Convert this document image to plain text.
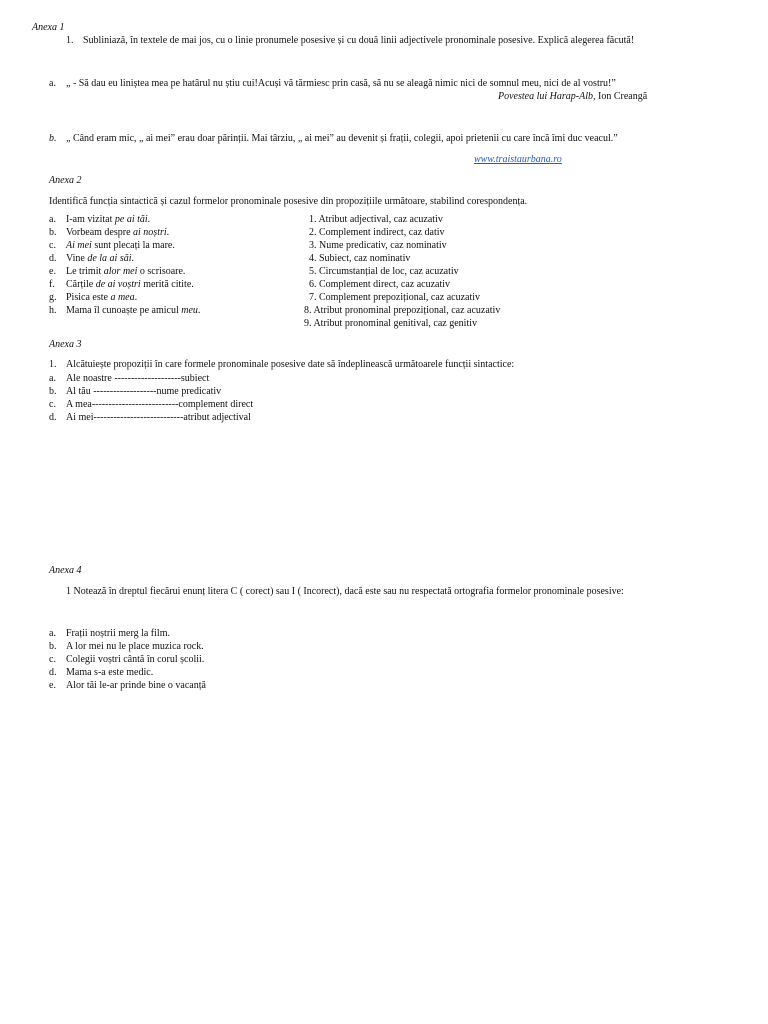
Anexa 1
1. Subliniază, în textele de mai jos, cu o linie pronumele posesive și cu două linii adjectivele pronominale posesive. Explică alegerea făcută!
a. „ - Să dau eu liniștea mea pe hatârul nu știu cui!Acuși vă tărmiesc prin casă, să nu se aleagă nimic nici de somnul meu, nici de al vostru!”
Povestea lui Harap-Alb, Ion Creangă
b. „ Când eram mic, „ ai mei” erau doar părinții. Mai târziu, „ ai mei” au devenit și frații, colegii, apoi prietenii cu care încă îmi duc veacul.”
www.traistaurbana.ro
Anexa 2
Identifică funcția sintactică și cazul formelor pronominale posesive din propozițiile următoare, stabilind corespondența.
a. I-am vizitat pe ai tăi.
b. Vorbeam despre ai noștri.
c. Ai mei sunt plecați la mare.
d. Vine de la ai săi.
e. Le trimit alor mei o scrisoare.
f. Cărțile de ai voștri merită citite.
g. Pisica este a mea.
h. Mama îl cunoaște pe amicul meu.
1. Atribut adjectival, caz acuzativ
2. Complement indirect, caz dativ
3. Nume predicativ, caz nominativ
4. Subiect, caz nominativ
5. Circumstanțial de loc, caz acuzativ
6. Complement direct, caz acuzativ
7. Complement prepozițional, caz acuzativ
8. Atribut pronominal prepozițional, caz acuzativ
9. Atribut pronominal genitival, caz genitiv
Anexa 3
1. Alcătuiește propoziții în care formele pronominale posesive date să îndeplinească următoarele funcții sintactice:
a. Ale noastre --------------------subiect
b. Al tău -------------------nume predicativ
c. A mea--------------------------complement direct
d. Ai mei---------------------------atribut adjectival
Anexa 4
1 Notează în dreptul fiecărui enunț litera C ( corect) sau I ( Incorect), dacă este sau nu respectată ortografia formelor pronominale posesive:
a. Frații noștrii merg la film.
b. A lor mei nu le place muzica rock.
c. Colegii voștri cântă în corul școlii.
d. Mama s-a este medic.
e. Alor tăi le-ar prinde bine o vacanță
